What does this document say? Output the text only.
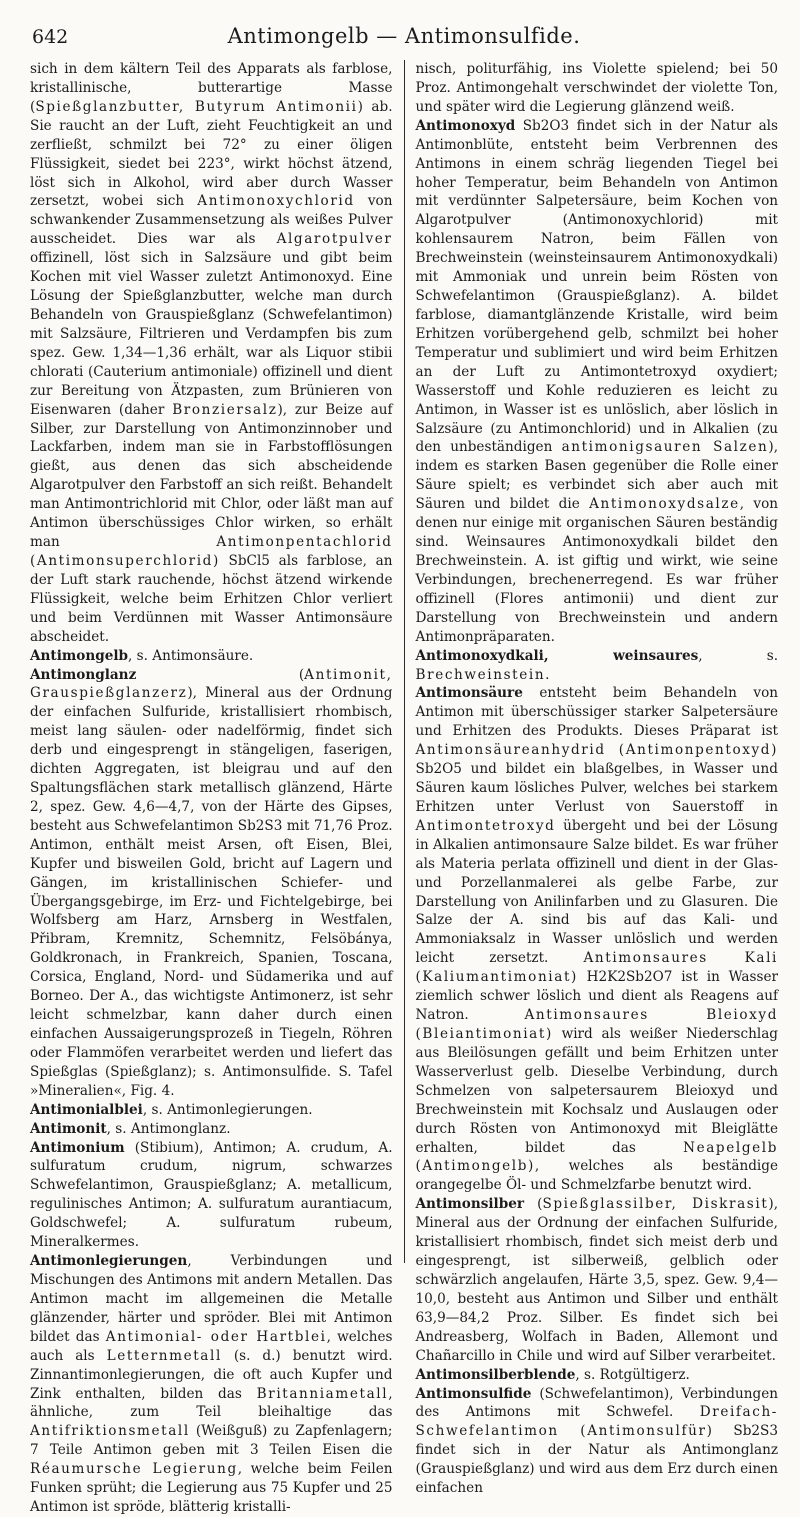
642	Antimongelb — Antimonsulfide.

sich in dem kältern Teil des Apparats als farblose, kristallinische, butterartige Masse (Spießglanzbutter, Butyrum Antimonii) ab. Sie raucht an der Luft, zieht Feuchtigkeit an und zerfließt, schmilzt bei 72° zu einer öligen Flüssigkeit, siedet bei 223°, wirkt höchst ätzend, löst sich in Alkohol, wird aber durch Wasser zersetzt, wobei sich Antimonoxychlorid von schwankender Zusammensetzung als weißes Pulver ausscheidet. Dies war als Algarotpulver offizinell, löst sich in Salzsäure und gibt beim Kochen mit viel Wasser zuletzt Antimonoxyd. Eine Lösung der Spießglanzbutter, welche man durch Behandeln von Grauspießglanz (Schwefelantimon) mit Salzsäure, Filtrieren und Verdampfen bis zum spez. Gew. 1,34—1,36 erhält, war als Liquor stibii chlorati (Cauterium antimoniale) offizinell und dient zur Bereitung von Ätzpasten, zum Brünieren von Eisenwaren (daher Bronziersalz), zur Beize auf Silber, zur Darstellung von Antimonzinnober und Lackfarben, indem man sie in Farbstofflösungen gießt, aus denen das sich abscheidende Algarotpulver den Farbstoff an sich reißt. Behandelt man Antimontrichlorid mit Chlor, oder läßt man auf Antimon überschüssiges Chlor wirken, so erhält man Antimonpentachlorid (Antimonsuperchlorid) SbCl5 als farblose, an der Luft stark rauchende, höchst ätzend wirkende Flüssigkeit, welche beim Erhitzen Chlor verliert und beim Verdünnen mit Wasser Antimonsäure abscheidet.

Antimongelb, s. Antimonsäure.

Antimonglanz (Antimonit, Grauspießglanzerz), Mineral aus der Ordnung der einfachen Sulfuride, kristallisiert rhombisch, meist lang säulen- oder nadelförmig, findet sich derb und eingesprengt in stängeligen, faserigen, dichten Aggregaten, ist bleigrau und auf den Spaltungsflächen stark metallisch glänzend, Härte 2, spez. Gew. 4,6—4,7, von der Härte des Gipses, besteht aus Schwefelantimon Sb2S3 mit 71,76 Proz. Antimon, enthält meist Arsen, oft Eisen, Blei, Kupfer und bisweilen Gold, bricht auf Lagern und Gängen, im kristallinischen Schiefer- und Übergangsgebirge, im Erz- und Fichtelgebirge, bei Wolfsberg am Harz, Arnsberg in Westfalen, Přibram, Kremnitz, Schemnitz, Felsöbánya, Goldkronach, in Frankreich, Spanien, Toscana, Corsica, England, Nord- und Südamerika und auf Borneo. Der A., das wichtigste Antimonerz, ist sehr leicht schmelzbar, kann daher durch einen einfachen Aussaigerungsprozeß in Tiegeln, Röhren oder Flammöfen verarbeitet werden und liefert das Spießglas (Spießglanz); s. Antimonsulfide. S. Tafel »Mineralien«, Fig. 4.

Antimonialblei, s. Antimonlegierungen.

Antimonit, s. Antimonglanz.

Antimonium (Stibium), Antimon; A. crudum, A. sulfuratum crudum, nigrum, schwarzes Schwefelantimon, Grauspießglanz; A. metallicum, regulinisches Antimon; A. sulfuratum aurantiacum, Goldschwefel; A. sulfuratum rubeum, Mineralkermes.

Antimonlegierungen, Verbindungen und Mischungen des Antimons mit andern Metallen. Das Antimon macht im allgemeinen die Metalle glänzender, härter und spröder. Blei mit Antimon bildet das Antimonial- oder Hartblei, welches auch als Letternmetall (s. d.) benutzt wird. Zinnantimonlegierungen, die oft auch Kupfer und Zink enthalten, bilden das Britanniametall, ähnliche, zum Teil bleihaltige das Antifriktionsmetall (Weißguß) zu Zapfenlagern; 7 Teile Antimon geben mit 3 Teilen Eisen die Réaumursche Legierung, welche beim Feilen Funken sprüht; die Legierung aus 75 Kupfer und 25 Antimon ist spröde, blätterig kristalli-

nisch, politurfähig, ins Violette spielend; bei 50 Proz. Antimongehalt verschwindet der violette Ton, und später wird die Legierung glänzend weiß.

Antimonoxyd Sb2O3 findet sich in der Natur als Antimonblüte, entsteht beim Verbrennen des Antimons in einem schräg liegenden Tiegel bei hoher Temperatur, beim Behandeln von Antimon mit verdünnter Salpetersäure, beim Kochen von Algarotpulver (Antimonoxychlorid) mit kohlensaurem Natron, beim Fällen von Brechweinstein (weinsteinsaurem Antimonoxydkali) mit Ammoniak und unrein beim Rösten von Schwefelantimon (Grauspießglanz). A. bildet farblose, diamantglänzende Kristalle, wird beim Erhitzen vorübergehend gelb, schmilzt bei hoher Temperatur und sublimiert und wird beim Erhitzen an der Luft zu Antimontetroxyd oxydiert; Wasserstoff und Kohle reduzieren es leicht zu Antimon, in Wasser ist es unlöslich, aber löslich in Salzsäure (zu Antimonchlorid) und in Alkalien (zu den unbeständigen antimonigsauren Salzen), indem es starken Basen gegenüber die Rolle einer Säure spielt; es verbindet sich aber auch mit Säuren und bildet die Antimonoxydsalze, von denen nur einige mit organischen Säuren beständig sind. Weinsaures Antimonoxydkali bildet den Brechweinstein. A. ist giftig und wirkt, wie seine Verbindungen, brechenerregend. Es war früher offizinell (Flores antimonii) und dient zur Darstellung von Brechweinstein und andern Antimonpräparaten.

Antimonoxydkali, weinsaures, s. Brechweinstein.

Antimonsäure entsteht beim Behandeln von Antimon mit überschüssiger starker Salpetersäure und Erhitzen des Produkts. Dieses Präparat ist Antimonsäureanhydrid (Antimonpentoxyd) Sb2O5 und bildet ein blaßgelbes, in Wasser und Säuren kaum lösliches Pulver, welches bei starkem Erhitzen unter Verlust von Sauerstoff in Antimontetroxyd übergeht und bei der Lösung in Alkalien antimonsaure Salze bildet. Es war früher als Materia perlata offizinell und dient in der Glas- und Porzellanmalerei als gelbe Farbe, zur Darstellung von Anilinfarben und zu Glasuren. Die Salze der A. sind bis auf das Kali- und Ammoniaksalz in Wasser unlöslich und werden leicht zersetzt. Antimonsaures Kali (Kaliumantimoniat) H2K2Sb2O7 ist in Wasser ziemlich schwer löslich und dient als Reagens auf Natron. Antimonsaures Bleioxyd (Bleiantimoniat) wird als weißer Niederschlag aus Bleilösungen gefällt und beim Erhitzen unter Wasserverlust gelb. Dieselbe Verbindung, durch Schmelzen von salpetersaurem Bleioxyd und Brechweinstein mit Kochsalz und Auslaugen oder durch Rösten von Antimonoxyd mit Bleiglätte erhalten, bildet das Neapelgelb (Antimongelb), welches als beständige orangegelbe Öl- und Schmelzfarbe benutzt wird.

Antimonsilber (Spießglassilber, Diskrasit), Mineral aus der Ordnung der einfachen Sulfuride, kristallisiert rhombisch, findet sich meist derb und eingesprengt, ist silberweiß, gelblich oder schwärzlich angelaufen, Härte 3,5, spez. Gew. 9,4—10,0, besteht aus Antimon und Silber und enthält 63,9—84,2 Proz. Silber. Es findet sich bei Andreasberg, Wolfach in Baden, Allemont und Chañarcillo in Chile und wird auf Silber verarbeitet.

Antimonsilberblende, s. Rotgültigerz.

Antimonsulfide (Schwefelantimon), Verbindungen des Antimons mit Schwefel. Dreifach-Schwefelantimon (Antimonsulfür) Sb2S3 findet sich in der Natur als Antimonglanz (Grauspießglanz) und wird aus dem Erz durch einen einfachen
